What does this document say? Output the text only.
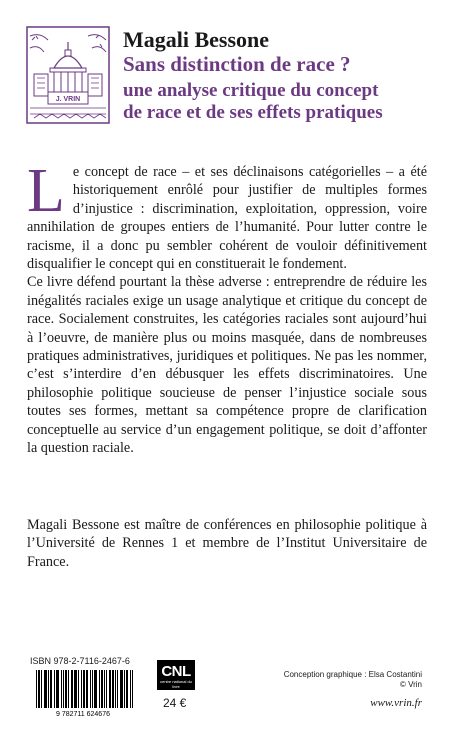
J. VRIN
Magali Bessone
Sans distinction de race ?
une analyse critique du concept
de race et de ses effets pratiques

Le concept de race – et ses déclinaisons catégorielles – a été historiquement enrôlé pour justifier de multiples formes d’injustice : discrimination, exploitation, oppression, voire annihilation de groupes entiers de l’humanité. Pour lutter contre le racisme, il a donc pu sembler cohérent de vouloir définitivement disqualifier le concept qui en constituerait le fondement.

Ce livre défend pourtant la thèse adverse : entreprendre de réduire les inégalités raciales exige un usage analytique et critique du concept de race. Socialement construites, les catégories raciales sont aujourd’hui à l’oeuvre, de manière plus ou moins masquée, dans de nombreuses pratiques administratives, juridiques et politiques. Ne pas les nommer, c’est s’interdire d’en débusquer les effets discriminatoires. Une philosophie politique soucieuse de penser l’injustice sociale sous toutes ses formes, mettant sa compétence propre de clarification conceptuelle au service d’un engagement politique, se doit d’affonter la question raciale.

Magali Bessone est maître de conférences en philosophie politique à l’Université de Rennes 1 et membre de l’Institut Universitaire de France.

ISBN 978-2-7116-2467-6
9 782711 624676
CNL
centre national du livre
24 €
Conception graphique : Elsa Costantini
© Vrin
www.vrin.fr
